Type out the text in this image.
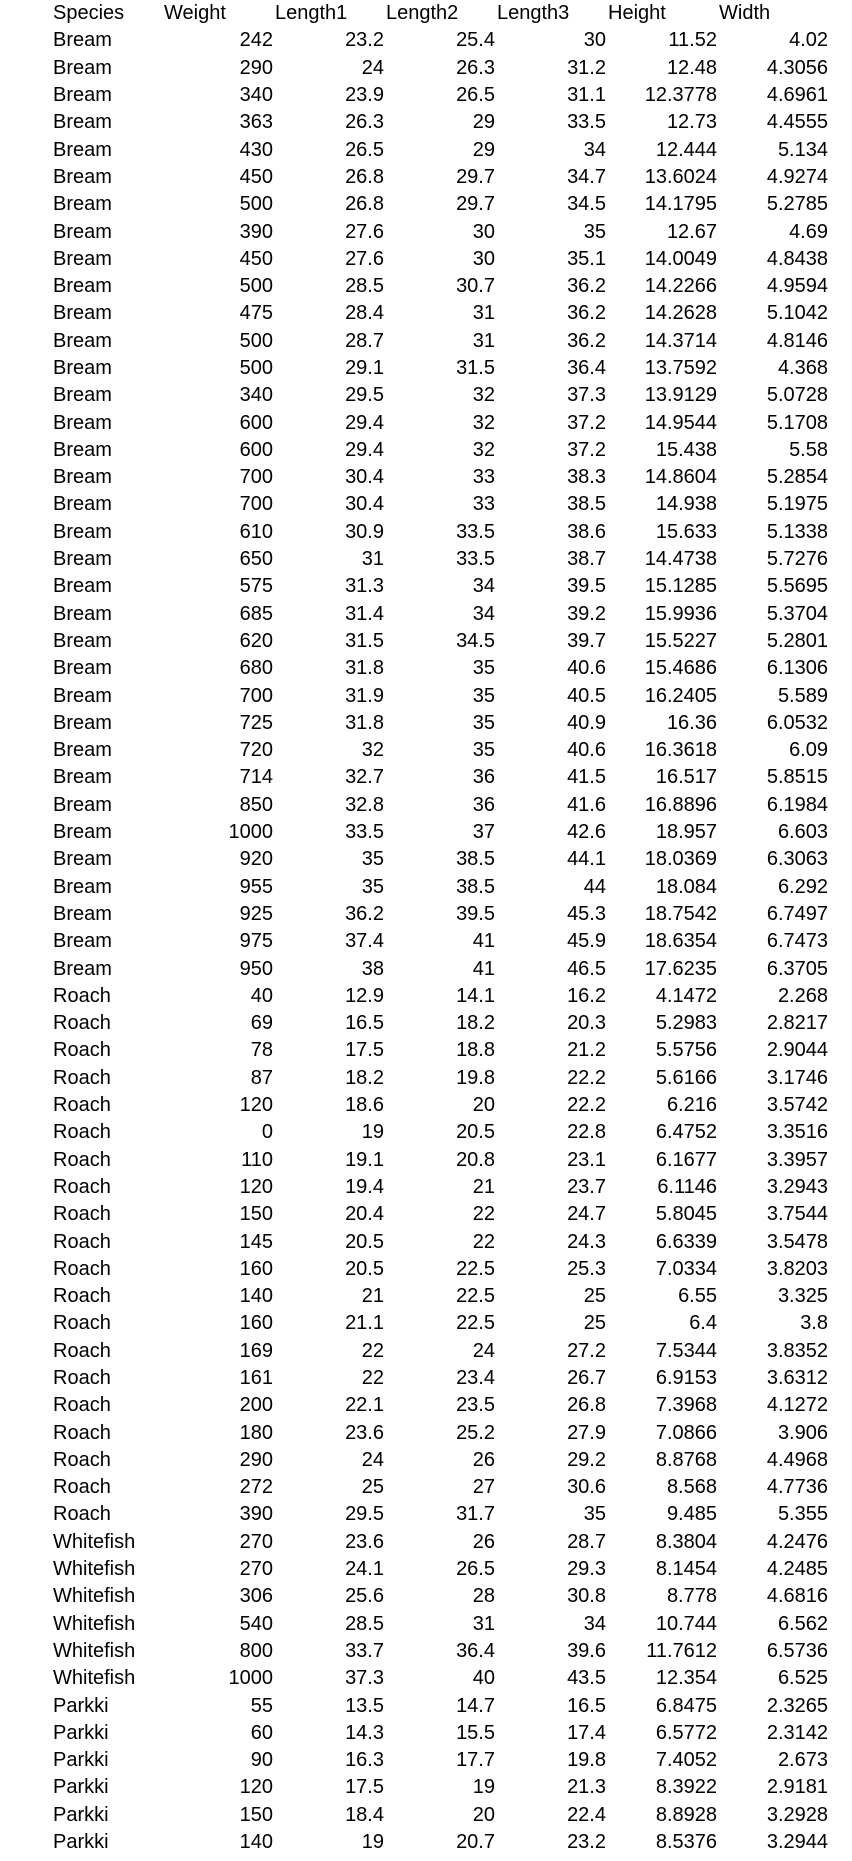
Species	Weight	Length1	Length2	Length3	Height	Width
Bream	242	23.2	25.4	30	11.52	4.02
Bream	290	24	26.3	31.2	12.48	4.3056
Bream	340	23.9	26.5	31.1	12.3778	4.6961
Bream	363	26.3	29	33.5	12.73	4.4555
Bream	430	26.5	29	34	12.444	5.134
Bream	450	26.8	29.7	34.7	13.6024	4.9274
Bream	500	26.8	29.7	34.5	14.1795	5.2785
Bream	390	27.6	30	35	12.67	4.69
Bream	450	27.6	30	35.1	14.0049	4.8438
Bream	500	28.5	30.7	36.2	14.2266	4.9594
Bream	475	28.4	31	36.2	14.2628	5.1042
Bream	500	28.7	31	36.2	14.3714	4.8146
Bream	500	29.1	31.5	36.4	13.7592	4.368
Bream	340	29.5	32	37.3	13.9129	5.0728
Bream	600	29.4	32	37.2	14.9544	5.1708
Bream	600	29.4	32	37.2	15.438	5.58
Bream	700	30.4	33	38.3	14.8604	5.2854
Bream	700	30.4	33	38.5	14.938	5.1975
Bream	610	30.9	33.5	38.6	15.633	5.1338
Bream	650	31	33.5	38.7	14.4738	5.7276
Bream	575	31.3	34	39.5	15.1285	5.5695
Bream	685	31.4	34	39.2	15.9936	5.3704
Bream	620	31.5	34.5	39.7	15.5227	5.2801
Bream	680	31.8	35	40.6	15.4686	6.1306
Bream	700	31.9	35	40.5	16.2405	5.589
Bream	725	31.8	35	40.9	16.36	6.0532
Bream	720	32	35	40.6	16.3618	6.09
Bream	714	32.7	36	41.5	16.517	5.8515
Bream	850	32.8	36	41.6	16.8896	6.1984
Bream	1000	33.5	37	42.6	18.957	6.603
Bream	920	35	38.5	44.1	18.0369	6.3063
Bream	955	35	38.5	44	18.084	6.292
Bream	925	36.2	39.5	45.3	18.7542	6.7497
Bream	975	37.4	41	45.9	18.6354	6.7473
Bream	950	38	41	46.5	17.6235	6.3705
Roach	40	12.9	14.1	16.2	4.1472	2.268
Roach	69	16.5	18.2	20.3	5.2983	2.8217
Roach	78	17.5	18.8	21.2	5.5756	2.9044
Roach	87	18.2	19.8	22.2	5.6166	3.1746
Roach	120	18.6	20	22.2	6.216	3.5742
Roach	0	19	20.5	22.8	6.4752	3.3516
Roach	110	19.1	20.8	23.1	6.1677	3.3957
Roach	120	19.4	21	23.7	6.1146	3.2943
Roach	150	20.4	22	24.7	5.8045	3.7544
Roach	145	20.5	22	24.3	6.6339	3.5478
Roach	160	20.5	22.5	25.3	7.0334	3.8203
Roach	140	21	22.5	25	6.55	3.325
Roach	160	21.1	22.5	25	6.4	3.8
Roach	169	22	24	27.2	7.5344	3.8352
Roach	161	22	23.4	26.7	6.9153	3.6312
Roach	200	22.1	23.5	26.8	7.3968	4.1272
Roach	180	23.6	25.2	27.9	7.0866	3.906
Roach	290	24	26	29.2	8.8768	4.4968
Roach	272	25	27	30.6	8.568	4.7736
Roach	390	29.5	31.7	35	9.485	5.355
Whitefish	270	23.6	26	28.7	8.3804	4.2476
Whitefish	270	24.1	26.5	29.3	8.1454	4.2485
Whitefish	306	25.6	28	30.8	8.778	4.6816
Whitefish	540	28.5	31	34	10.744	6.562
Whitefish	800	33.7	36.4	39.6	11.7612	6.5736
Whitefish	1000	37.3	40	43.5	12.354	6.525
Parkki	55	13.5	14.7	16.5	6.8475	2.3265
Parkki	60	14.3	15.5	17.4	6.5772	2.3142
Parkki	90	16.3	17.7	19.8	7.4052	2.673
Parkki	120	17.5	19	21.3	8.3922	2.9181
Parkki	150	18.4	20	22.4	8.8928	3.2928
Parkki	140	19	20.7	23.2	8.5376	3.2944
